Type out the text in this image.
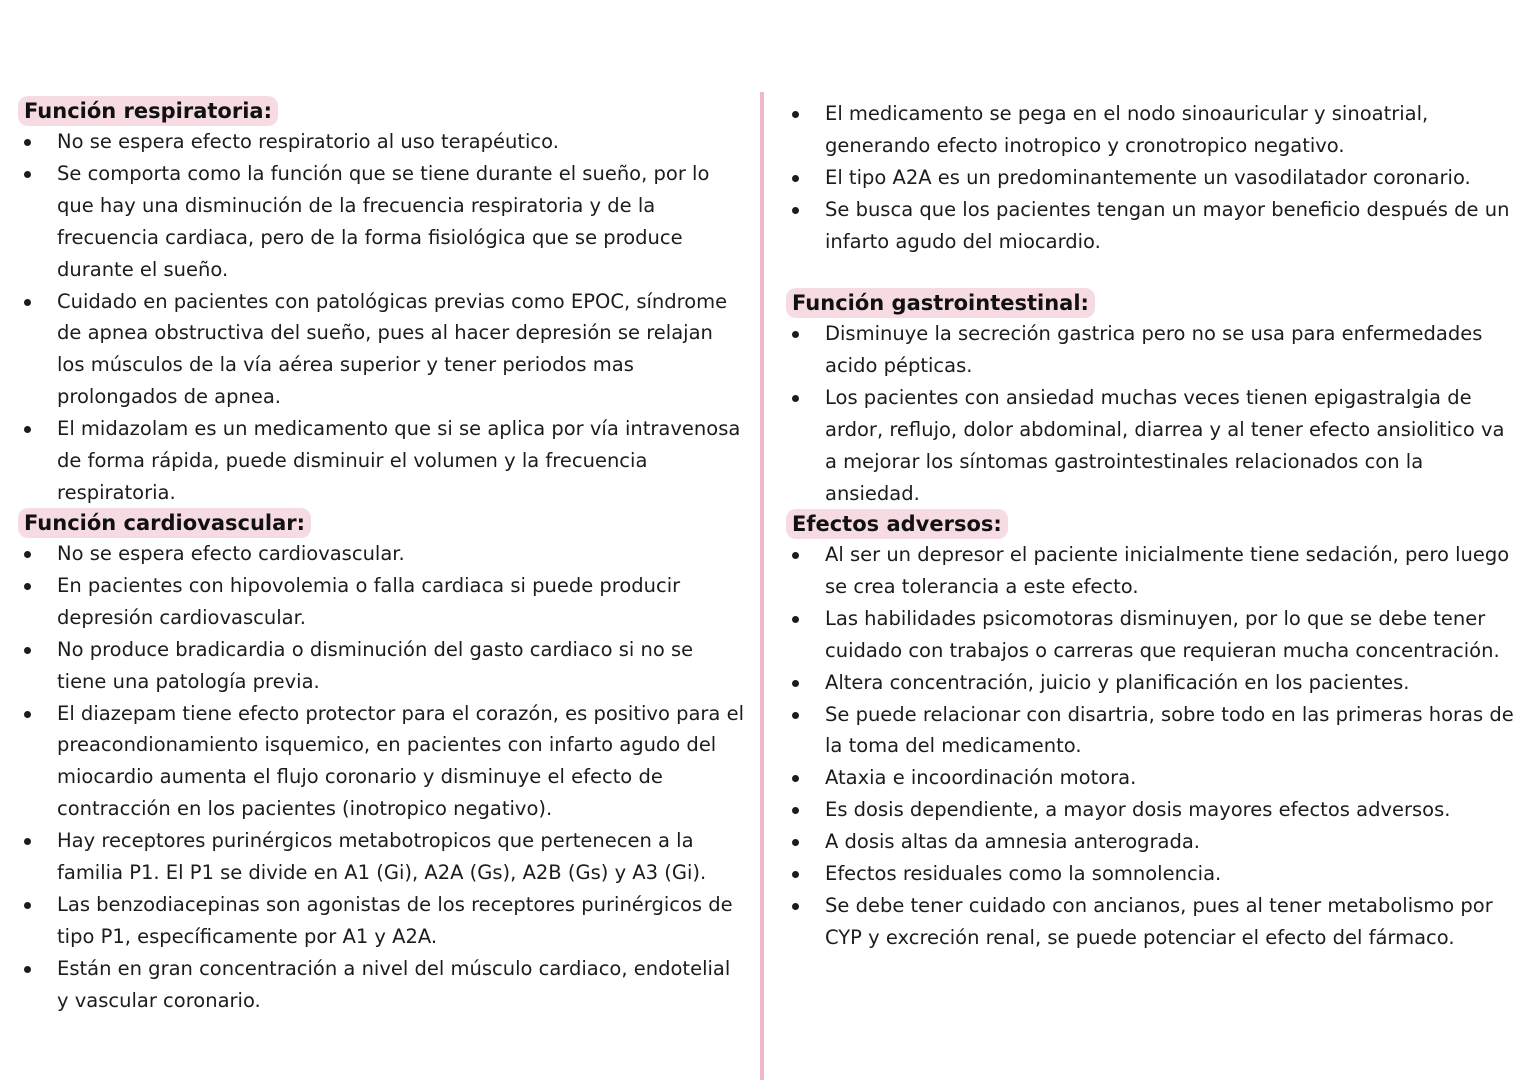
Función respiratoria:
No se espera efecto respiratorio al uso terapéutico.
Se comporta como la función que se tiene durante el sueño, por lo que hay una disminución de la frecuencia respiratoria y de la frecuencia cardiaca, pero de la forma fisiológica que se produce durante el sueño.
Cuidado en pacientes con patológicas previas como EPOC, síndrome de apnea obstructiva del sueño, pues al hacer depresión se relajan los músculos de la vía aérea superior y tener periodos mas prolongados de apnea.
El midazolam es un medicamento que si se aplica por vía intravenosa de forma rápida, puede disminuir el volumen y la frecuencia respiratoria.
Función cardiovascular:
No se espera efecto cardiovascular.
En pacientes con hipovolemia o falla cardiaca si puede producir depresión cardiovascular.
No produce bradicardia o disminución del gasto cardiaco si no se tiene una patología previa.
El diazepam tiene efecto protector para el corazón, es positivo para el preacondionamiento isquemico, en pacientes con infarto agudo del miocardio aumenta el flujo coronario y disminuye el efecto de contracción en los pacientes (inotropico negativo).
Hay receptores purinérgicos metabotropicos que pertenecen a la familia P1. El P1 se divide en A1 (Gi), A2A (Gs), A2B (Gs) y A3 (Gi).
Las benzodiacepinas son agonistas de los receptores purinérgicos de tipo P1, específicamente por A1 y A2A.
Están en gran concentración a nivel del músculo cardiaco, endotelial y vascular coronario.
El medicamento se pega en el nodo sinoauricular y sinoatrial, generando efecto inotropico y cronotropico negativo.
El tipo A2A es un predominantemente un vasodilatador coronario.
Se busca que los pacientes tengan un mayor beneficio después de un infarto agudo del miocardio.
Función gastrointestinal:
Disminuye la secreción gastrica pero no se usa para enfermedades acido pépticas.
Los pacientes con ansiedad muchas veces tienen epigastralgia de ardor, reflujo, dolor abdominal, diarrea y al tener efecto ansiolitico va a mejorar los síntomas gastrointestinales relacionados con la ansiedad.
Efectos adversos:
Al ser un depresor el paciente inicialmente tiene sedación, pero luego se crea tolerancia a este efecto.
Las habilidades psicomotoras disminuyen, por lo que se debe tener cuidado con trabajos o carreras que requieran mucha concentración.
Altera concentración, juicio y planificación en los pacientes.
Se puede relacionar con disartria, sobre todo en las primeras horas de la toma del medicamento.
Ataxia e incoordinación motora.
Es dosis dependiente, a mayor dosis mayores efectos adversos.
A dosis altas da amnesia anterograda.
Efectos residuales como la somnolencia.
Se debe tener cuidado con ancianos, pues al tener metabolismo por CYP y excreción renal, se puede potenciar el efecto del fármaco.
